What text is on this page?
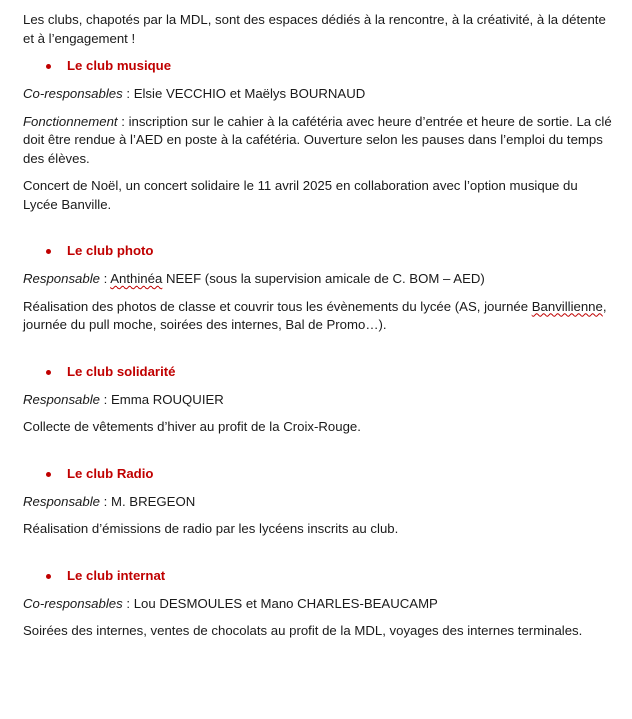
Les clubs, chapotés par la MDL, sont des espaces dédiés à la rencontre, à la créativité, à la détente et à l’engagement !

Le club musique

Co-responsables : Elsie VECCHIO et Maëlys BOURNAUD

Fonctionnement : inscription sur le cahier à la cafétéria avec heure d’entrée et heure de sortie. La clé doit être rendue à l’AED en poste à la cafétéria. Ouverture selon les pauses dans l’emploi du temps des élèves.

Concert de Noël, un concert solidaire le 11 avril 2025 en collaboration avec l’option musique du Lycée Banville.

Le club photo

Responsable : Anthinéa NEEF (sous la supervision amicale de C. BOM – AED)

Réalisation des photos de classe et couvrir tous les évènements du lycée (AS, journée Banvillienne, journée du pull moche, soirées des internes, Bal de Promo…).

Le club solidarité

Responsable : Emma ROUQUIER

Collecte de vêtements d’hiver au profit de la Croix-Rouge.

Le club Radio

Responsable : M. BREGEON

Réalisation d’émissions de radio par les lycéens inscrits au club.

Le club internat

Co-responsables : Lou DESMOULES et Mano CHARLES-BEAUCAMP

Soirées des internes, ventes de chocolats au profit de la MDL, voyages des internes terminales.
